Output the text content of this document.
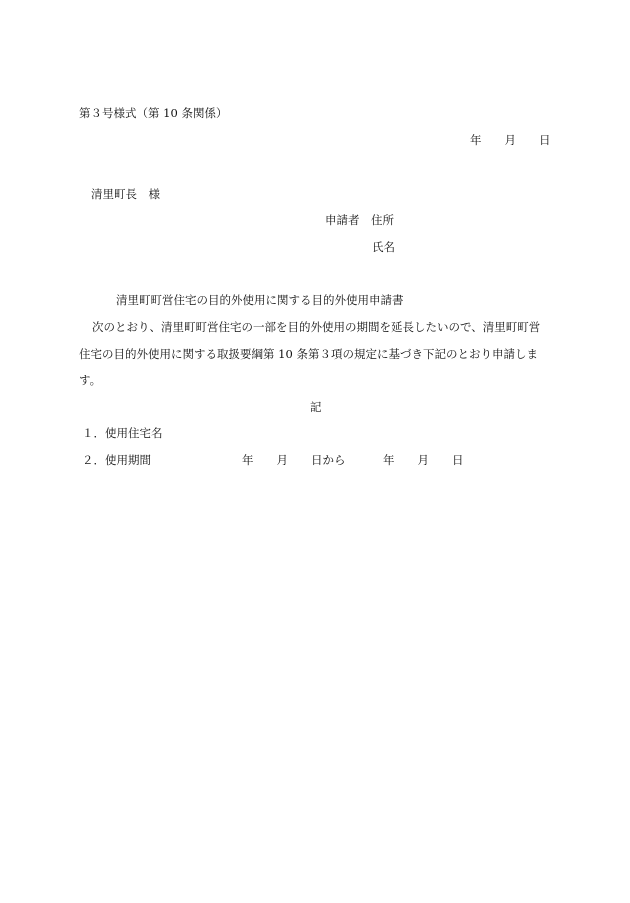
第３号様式（第 10 条関係）
年　　月　　日
清里町長　様
申請者　住所
氏名
清里町町営住宅の目的外使用に関する目的外使用申請書
次のとおり、清里町町営住宅の一部を目的外使用の期間を延長したいので、清里町町営
住宅の目的外使用に関する取扱要綱第 10 条第３項の規定に基づき下記のとおり申請しま
す。
記
１．使用住宅名
２．使用期間	年　　月　　日から	年　　月　　日
